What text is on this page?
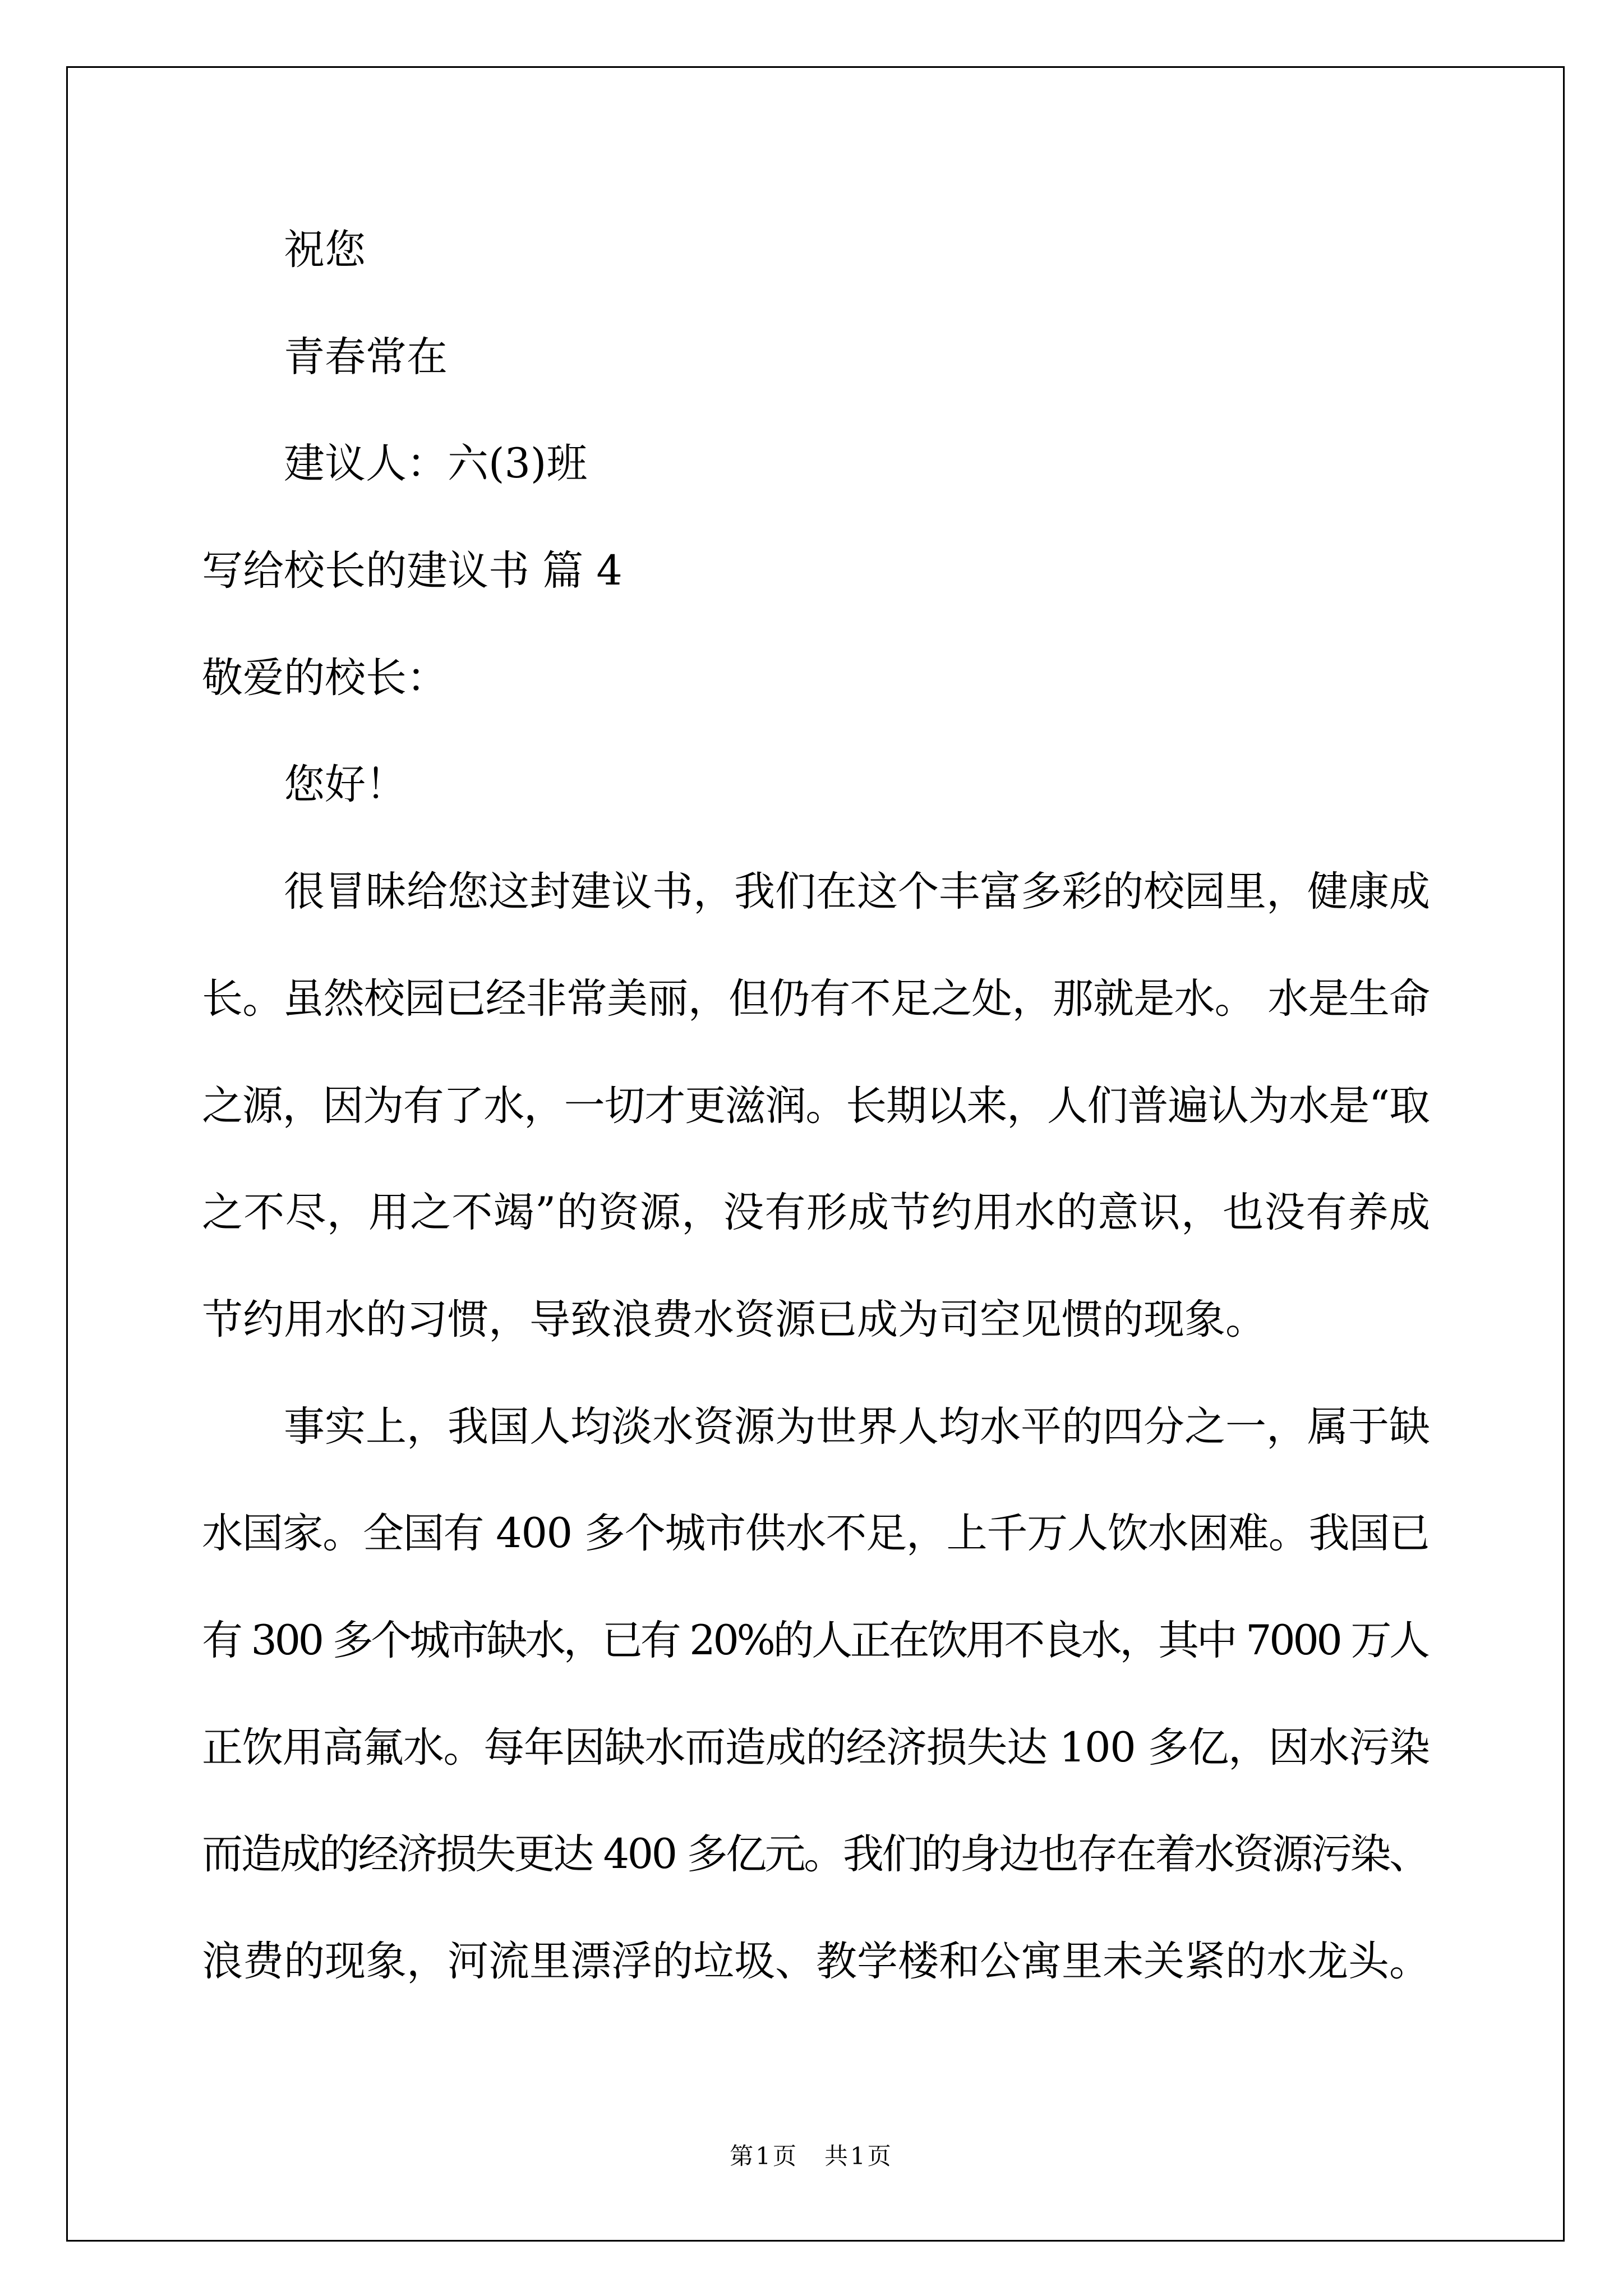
祝您
青春常在
建议人：六(3)班
写给校长的建议书 篇 4
敬爱的校长：
您好！
很冒昧给您这封建议书，我们在这个丰富多彩的校园里，健康成
长。虽然校园已经非常美丽，但仍有不足之处，那就是水。 水是生命
之源，因为有了水，一切才更滋润。长期以来，人们普遍认为水是“取
之不尽，用之不竭”的资源，没有形成节约用水的意识，也没有养成
节约用水的习惯，导致浪费水资源已成为司空见惯的现象。
事实上，我国人均淡水资源为世界人均水平的四分之一，属于缺
水国家。全国有 400 多个城市供水不足，上千万人饮水困难。我国已
有 300 多个城市缺水，已有 20%的人正在饮用不良水，其中 7000 万人
正饮用高氟水。每年因缺水而造成的经济损失达 100 多亿，因水污染
而造成的经济损失更达 400 多亿元。我们的身边也存在着水资源污染、
浪费的现象，河流里漂浮的垃圾、教学楼和公寓里未关紧的水龙头。
第1页　共1页
